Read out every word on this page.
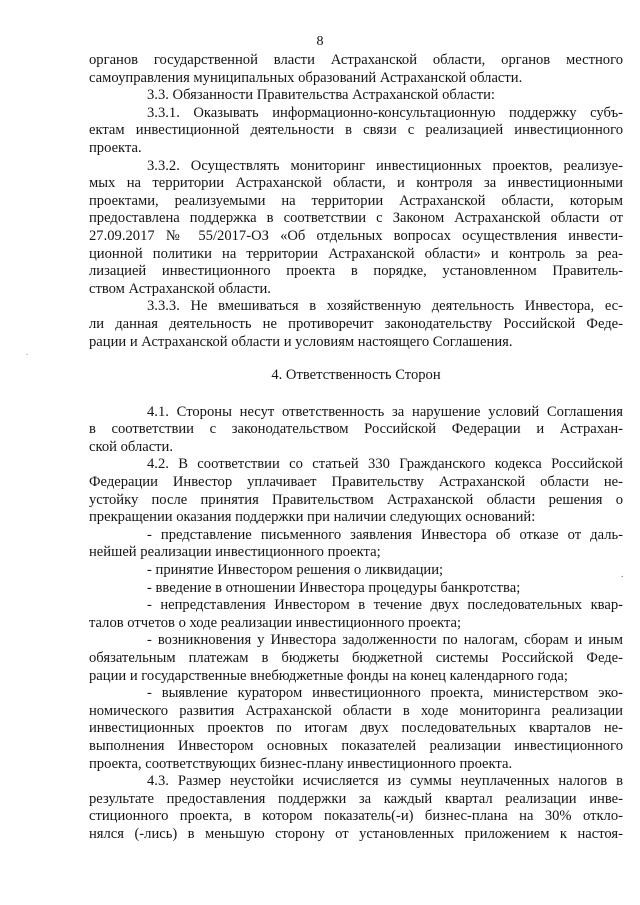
8
.
·
органов государственной власти Астраханской области, органов местного
самоуправления муниципальных образований Астраханской области.
3.3. Обязанности Правительства Астраханской области:
3.3.1. Оказывать информационно-консультационную поддержку субъ-
ектам инвестиционной деятельности в связи с реализацией инвестиционного
проекта.
3.3.2. Осуществлять мониторинг инвестиционных проектов, реализуе-
мых на территории Астраханской области, и контроля за инвестиционными
проектами, реализуемыми на территории Астраханской области, которым
предоставлена поддержка в соответствии с Законом Астраханской области от
27.09.2017 № 55/2017-ОЗ «Об отдельных вопросах осуществления инвести-
ционной политики на территории Астраханской области» и контроль за реа-
лизацией инвестиционного проекта в порядке, установленном Правитель-
ством Астраханской области.
3.3.3. Не вмешиваться в хозяйственную деятельность Инвестора, ес-
ли данная деятельность не противоречит законодательству Российской Феде-
рации и Астраханской области и условиям настоящего Соглашения.
4. Ответственность Сторон
4.1. Стороны несут ответственность за нарушение условий Соглашения
в соответствии с законодательством Российской Федерации и Астрахан-
ской области.
4.2. В соответствии со статьей 330 Гражданского кодекса Российской
Федерации Инвестор уплачивает Правительству Астраханской области не-
устойку после принятия Правительством Астраханской области решения о
прекращении оказания поддержки при наличии следующих оснований:
- представление письменного заявления Инвестора об отказе от даль-
нейшей реализации инвестиционного проекта;
- принятие Инвестором решения о ликвидации;
- введение в отношении Инвестора процедуры банкротства;
- непредставления Инвестором в течение двух последовательных квар-
талов отчетов о ходе реализации инвестиционного проекта;
- возникновения у Инвестора задолженности по налогам, сборам и иным
обязательным платежам в бюджеты бюджетной системы Российской Феде-
рации и государственные внебюджетные фонды на конец календарного года;
- выявление куратором инвестиционного проекта, министерством эко-
номического развития Астраханской области в ходе мониторинга реализации
инвестиционных проектов по итогам двух последовательных кварталов не-
выполнения Инвестором основных показателей реализации инвестиционного
проекта, соответствующих бизнес-плану инвестиционного проекта.
4.3. Размер неустойки исчисляется из суммы неуплаченных налогов в
результате предоставления поддержки за каждый квартал реализации инве-
стиционного проекта, в котором показатель(-и) бизнес-плана на 30% откло-
нялся (-лись) в меньшую сторону от установленных приложением к настоя-
